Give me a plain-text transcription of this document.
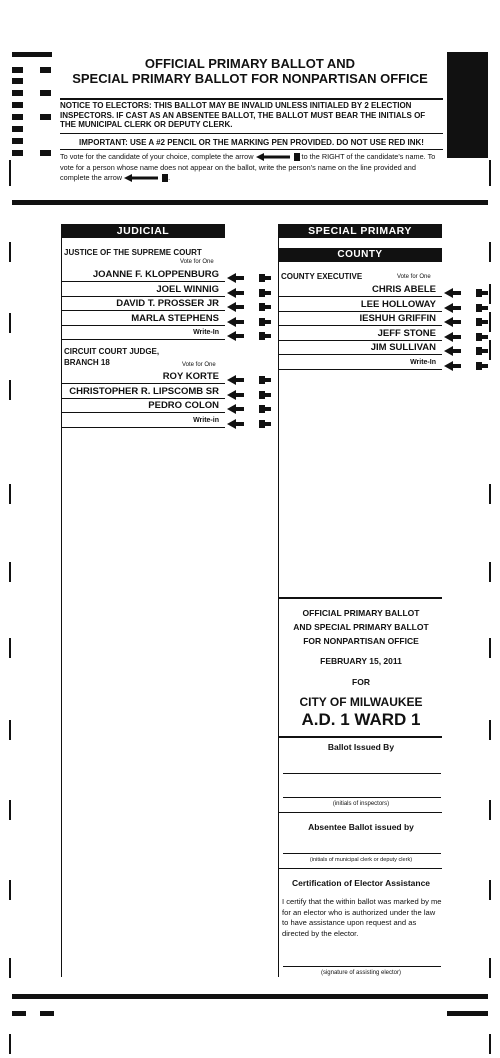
OFFICIAL PRIMARY BALLOT AND
SPECIAL PRIMARY BALLOT FOR NONPARTISAN OFFICE
NOTICE TO ELECTORS: THIS BALLOT MAY BE INVALID UNLESS INITIALED BY 2 ELECTION INSPECTORS. IF CAST AS AN ABSENTEE BALLOT, THE BALLOT MUST BEAR THE INITIALS OF THE MUNICIPAL CLERK OR DEPUTY CLERK.
IMPORTANT: USE A #2 PENCIL OR THE MARKING PEN PROVIDED. DO NOT USE RED INK!
To vote for the candidate of your choice, complete the arrow	to the RIGHT of the candidate's name. To vote for a person whose name does not appear on the ballot, write the person's name on the line provided and complete the arrow	.
JUDICIAL
JUSTICE OF THE SUPREME COURT
Vote for One
JOANNE F. KLOPPENBURG
JOEL WINNIG
DAVID T. PROSSER JR
MARLA STEPHENS
Write-In
CIRCUIT COURT JUDGE,
BRANCH 18	Vote for One
ROY KORTE
CHRISTOPHER R. LIPSCOMB SR
PEDRO COLON
Write-in
SPECIAL PRIMARY
COUNTY
COUNTY EXECUTIVE	Vote for One
CHRIS ABELE
LEE HOLLOWAY
IESHUH GRIFFIN
JEFF STONE
JIM SULLIVAN
Write-In
OFFICIAL PRIMARY BALLOT
AND SPECIAL PRIMARY BALLOT
FOR NONPARTISAN OFFICE
FEBRUARY 15, 2011
FOR
CITY OF MILWAUKEE
A.D. 1 WARD 1
Ballot Issued By
(initials of inspectors)
Absentee Ballot issued by
(initials of municipal clerk or deputy clerk)
Certification of Elector Assistance
I certify that the within ballot was marked by me for an elector who is authorized under the law to have assistance upon request and as directed by the elector.
(signature of assisting elector)
